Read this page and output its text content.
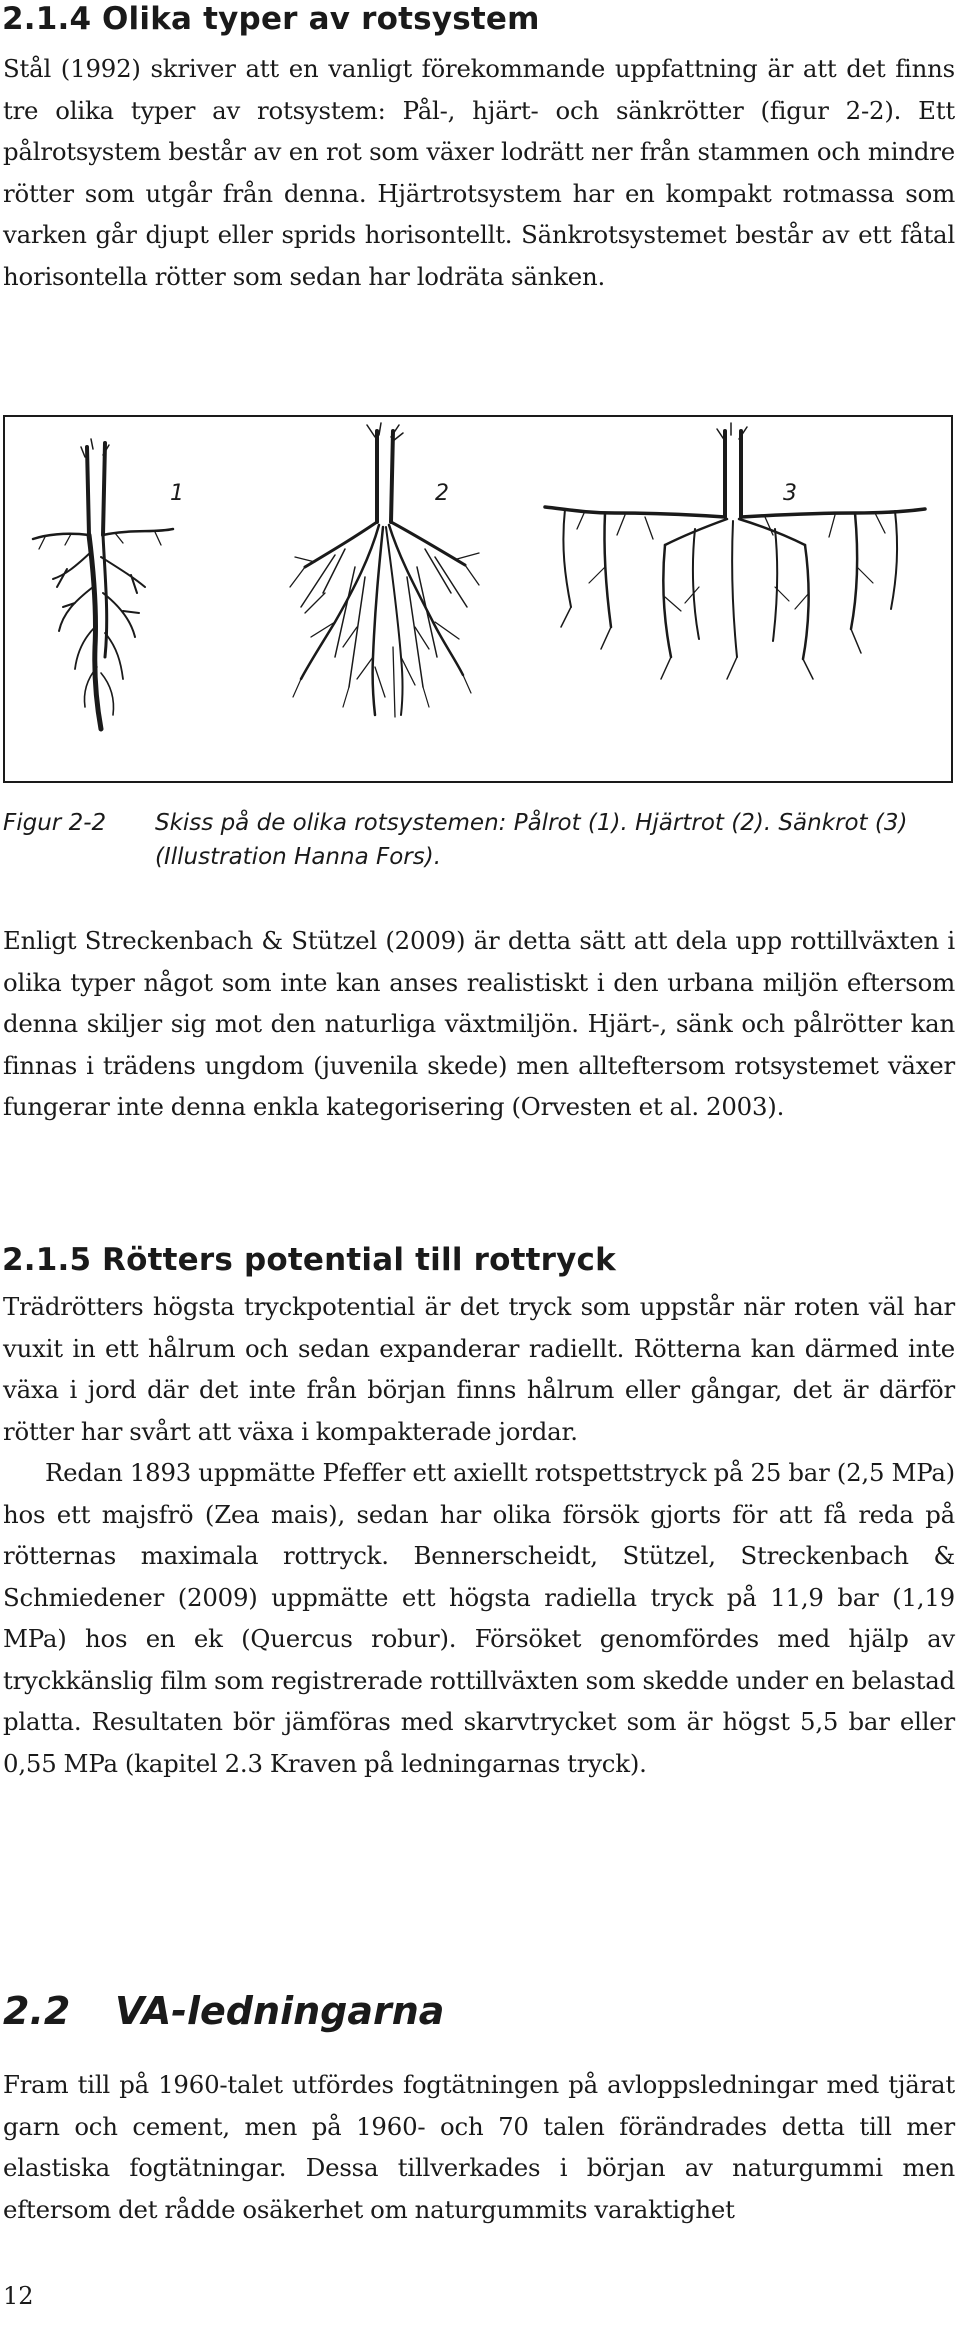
2.1.4 Olika typer av rotsystem

Stål (1992) skriver att en vanligt förekommande uppfattning är att det finns tre olika typer av rotsystem: Pål-, hjärt- och sänkrötter (figur 2-2). Ett pålrotsystem består av en rot som växer lodrätt ner från stammen och mindre rötter som utgår från denna. Hjärtrotsystem har en kompakt rotmassa som varken går djupt eller sprids horisontellt. Sänkrotsystemet består av ett fåtal horisontella rötter som sedan har lodräta sänken.

1	2	3
Figur 2-2 Skiss på de olika rotsystemen: Pålrot (1). Hjärtrot (2). Sänkrot (3) (Illustration Hanna Fors).

Enligt Streckenbach & Stützel (2009) är detta sätt att dela upp rottillväxten i olika typer något som inte kan anses realistiskt i den urbana miljön eftersom denna skiljer sig mot den naturliga växtmiljön. Hjärt-, sänk och pålrötter kan finnas i trädens ungdom (juvenila skede) men allteftersom rotsystemet växer fungerar inte denna enkla kategorisering (Orvesten et al. 2003).

2.1.5 Rötters potential till rottryck

Trädrötters högsta tryckpotential är det tryck som uppstår när roten väl har vuxit in ett hålrum och sedan expanderar radiellt. Rötterna kan därmed inte växa i jord där det inte från början finns hålrum eller gångar, det är därför rötter har svårt att växa i kompakterade jordar.

Redan 1893 uppmätte Pfeffer ett axiellt rotspettstryck på 25 bar (2,5 MPa) hos ett majsfrö (Zea mais), sedan har olika försök gjorts för att få reda på rötternas maximala rottryck. Bennerscheidt, Stützel, Streckenbach & Schmiedener (2009) uppmätte ett högsta radiella tryck på 11,9 bar (1,19 MPa) hos en ek (Quercus robur). Försöket genomfördes med hjälp av tryckkänslig film som registrerade rottillväxten som skedde under en belastad platta. Resultaten bör jämföras med skarvtrycket som är högst 5,5 bar eller 0,55 MPa (kapitel 2.3 Kraven på ledningarnas tryck).

2.2 VA-ledningarna

Fram till på 1960-talet utfördes fogtätningen på avloppsledningar med tjärat garn och cement, men på 1960- och 70 talen förändrades detta till mer elastiska fogtätningar. Dessa tillverkades i början av naturgummi men eftersom det rådde osäkerhet om naturgummits varaktighet

12
